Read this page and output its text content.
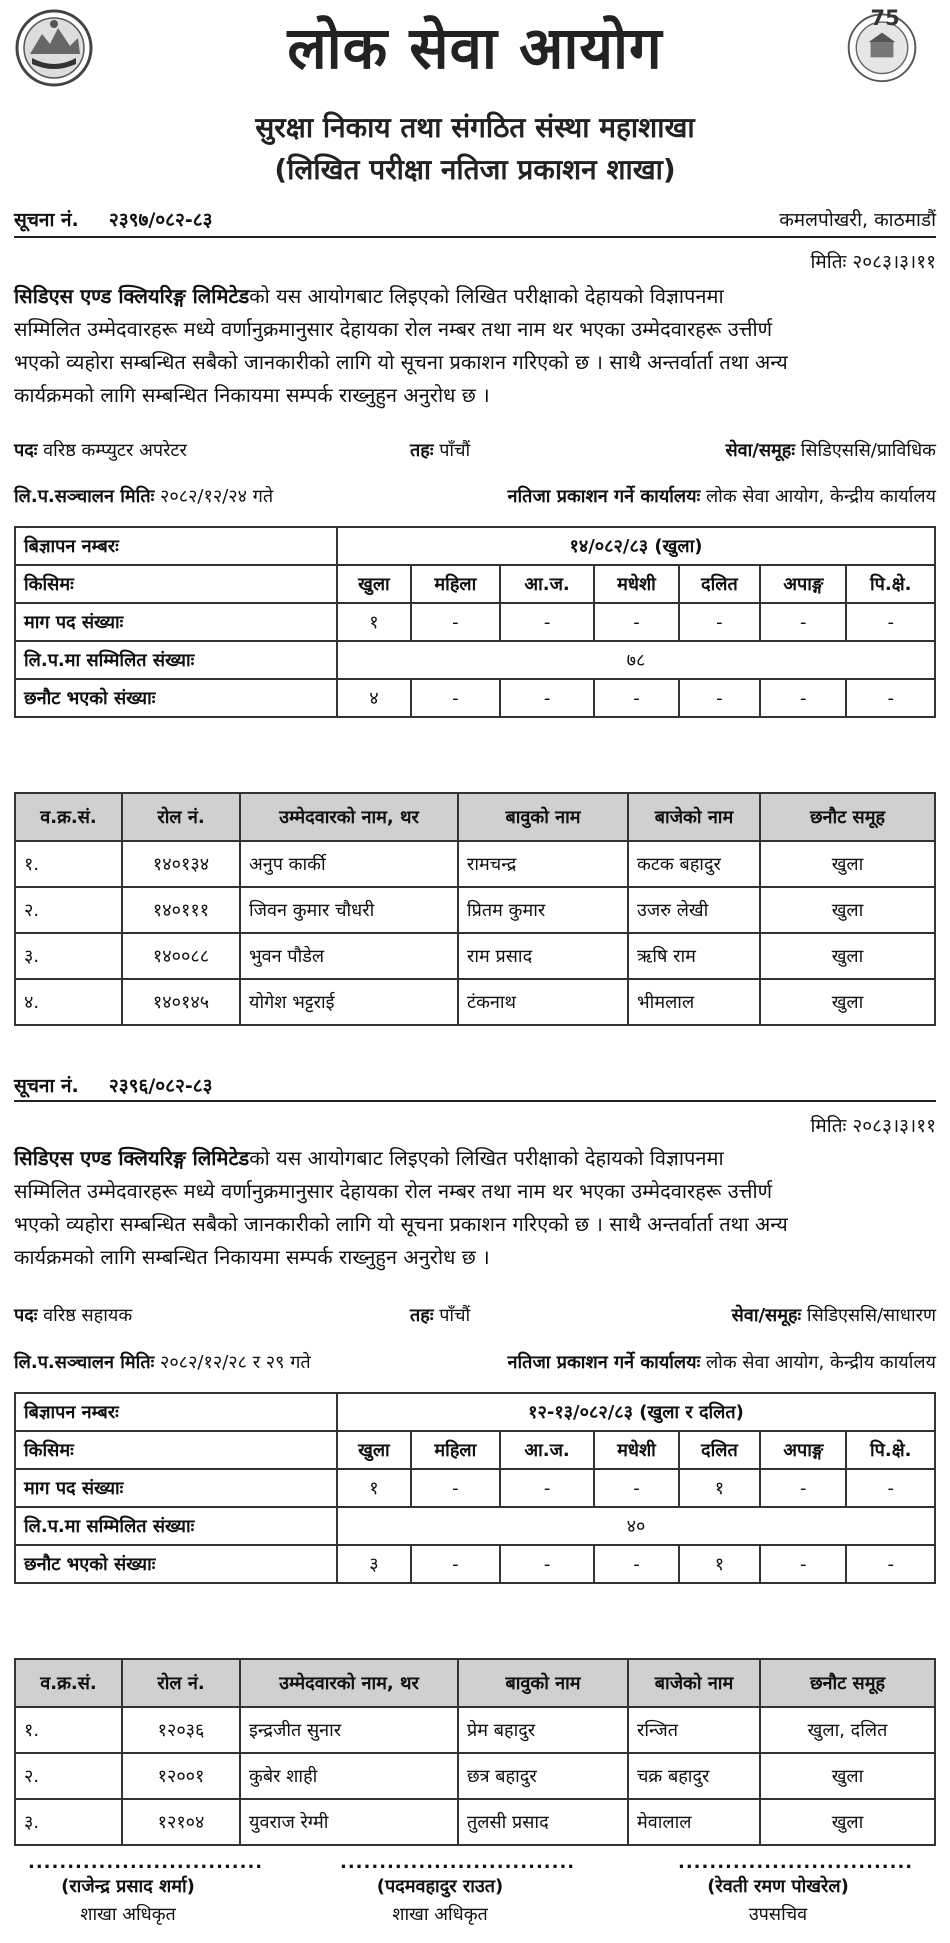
75
लोक सेवा आयोग
सुरक्षा निकाय तथा संगठित संस्था महाशाखा
(लिखित परीक्षा नतिजा प्रकाशन शाखा)
सूचना नं. २३९७/०८२-८३	कमलपोखरी, काठमाडौं
मितिः २०८३।३।११
सिडिएस एण्ड क्लियरिङ्ग लिमिटेडको यस आयोगबाट लिइएको लिखित परीक्षाको देहायको विज्ञापनमा
सम्मिलित उम्मेदवारहरू मध्ये वर्णानुक्रमानुसार देहायका रोल नम्बर तथा नाम थर भएका उम्मेदवारहरू उत्तीर्ण
भएको व्यहोरा सम्बन्धित सबैको जानकारीको लागि यो सूचना प्रकाशन गरिएको छ । साथै अन्तर्वार्ता तथा अन्य
कार्यक्रमको लागि सम्बन्धित निकायमा सम्पर्क राख्नुहुन अनुरोध छ ।
पदः वरिष्ठ कम्प्युटर अपरेटर	तहः पाँचौं	सेवा/समूहः सिडिएससि/प्राविधिक
लि.प.सञ्चालन मितिः २०८२/१२/२४ गते	नतिजा प्रकाशन गर्ने कार्यालयः लोक सेवा आयोग, केन्द्रीय कार्यालय
बिज्ञापन नम्बरः	१४/०८२/८३ (खुला)						
किसिमः	खुला	महिला	आ.ज.	मधेशी	दलित	अपाङ्ग	पि.क्षे.
माग पद संख्याः	१	-	-	-	-	-	-
लि.प.मा सम्मिलित संख्याः	७८						
छनौट भएको संख्याः	४	-	-	-	-	-	-
व.क्र.सं.	रोल नं.	उम्मेदवारको नाम, थर	बावुको नाम	बाजेको नाम	छनौट समूह
१.	१४०१३४	अनुप कार्की	रामचन्द्र	कटक बहादुर	खुला
२.	१४०१११	जिवन कुमार चौधरी	प्रितम कुमार	उजरु लेखी	खुला
३.	१४००८८	भुवन पौडेल	राम प्रसाद	ऋषि राम	खुला
४.	१४०१४५	योगेश भट्टराई	टंकनाथ	भीमलाल	खुला
सूचना नं. २३९६/०८२-८३
मितिः २०८३।३।११
सिडिएस एण्ड क्लियरिङ्ग लिमिटेडको यस आयोगबाट लिइएको लिखित परीक्षाको देहायको विज्ञापनमा
सम्मिलित उम्मेदवारहरू मध्ये वर्णानुक्रमानुसार देहायका रोल नम्बर तथा नाम थर भएका उम्मेदवारहरू उत्तीर्ण
भएको व्यहोरा सम्बन्धित सबैको जानकारीको लागि यो सूचना प्रकाशन गरिएको छ । साथै अन्तर्वार्ता तथा अन्य
कार्यक्रमको लागि सम्बन्धित निकायमा सम्पर्क राख्नुहुन अनुरोध छ ।
पदः वरिष्ठ सहायक	तहः पाँचौं	सेवा/समूहः सिडिएससि/साधारण
लि.प.सञ्चालन मितिः २०८२/१२/२८ र २९ गते	नतिजा प्रकाशन गर्ने कार्यालयः लोक सेवा आयोग, केन्द्रीय कार्यालय
बिज्ञापन नम्बरः	१२-१३/०८२/८३ (खुला र दलित)						
किसिमः	खुला	महिला	आ.ज.	मधेशी	दलित	अपाङ्ग	पि.क्षे.
माग पद संख्याः	१	-	-	-	१	-	-
लि.प.मा सम्मिलित संख्याः	४०						
छनौट भएको संख्याः	३	-	-	-	१	-	-
व.क्र.सं.	रोल नं.	उम्मेदवारको नाम, थर	बावुको नाम	बाजेको नाम	छनौट समूह
१.	१२०३६	इन्द्रजीत सुनार	प्रेम बहादुर	रन्जित	खुला, दलित
२.	१२००१	कुबेर शाही	छत्र बहादुर	चक्र बहादुर	खुला
३.	१२१०४	युवराज रेग्मी	तुलसी प्रसाद	मेवालाल	खुला
..............................
(राजेन्द्र प्रसाद शर्मा)
शाखा अधिकृत
..............................
(पदमवहादुर राउत)
शाखा अधिकृत
..............................
(रेवती रमण पोखरेल)
उपसचिव
